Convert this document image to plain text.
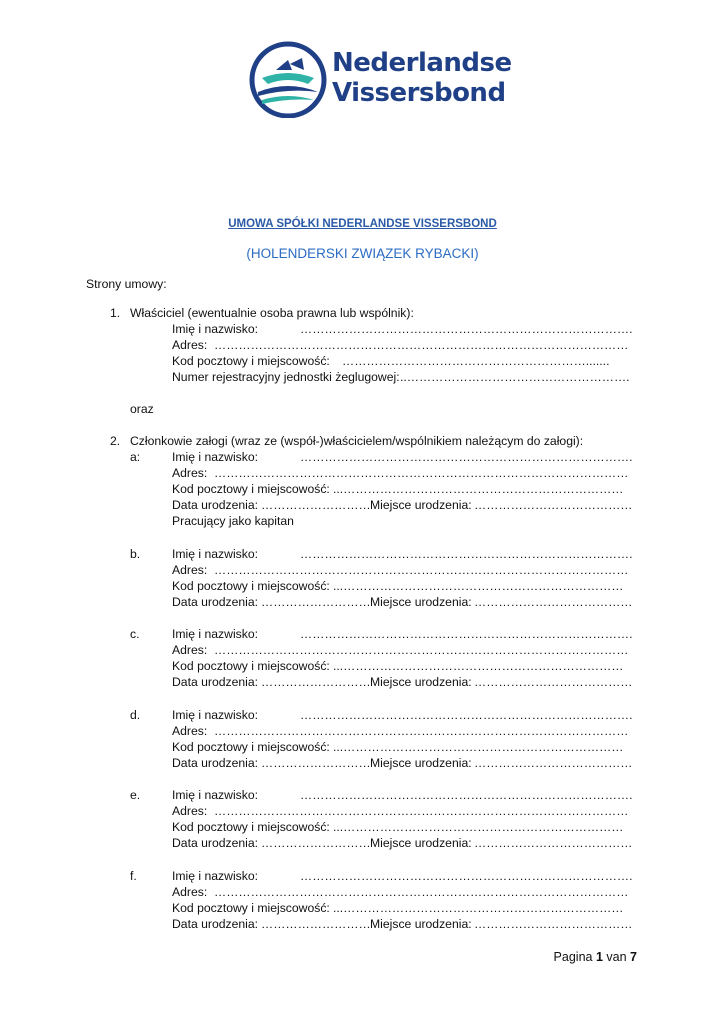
Nederlandse
Vissersbond
UMOWA SPÓŁKI NEDERLANDSE VISSERSBOND
(HOLENDERSKI ZWIĄZEK RYBACKI)
Strony umowy:
1. Właściciel (ewentualnie osoba prawna lub wspólnik):
Imię i nazwisko:	……………………………………………………………………….
Adres: …………………………………………………………………………………………
Kod pocztowy i miejscowość: …………………………………………………….......
Numer rejestracyjny jednostki żeglugowej: ..……………………………………………….
oraz
2. Członkowie załogi (wraz ze (współ-)właścicielem/wspólnikiem należącym do załogi):
a:	Imię i nazwisko:	……………………………………………………………………….
Adres: …………………………………………………………………………………………
Kod pocztowy i miejscowość: ...……………………………………………………………
Data urodzenia: ……………………… Miejsce urodzenia: …………………………………
Pracujący jako kapitan
b.	Imię i nazwisko:	……………………………………………………………………….
Adres: …………………………………………………………………………………………
Kod pocztowy i miejscowość: ...……………………………………………………………
Data urodzenia: ……………………… Miejsce urodzenia: …………………………………
c.	Imię i nazwisko:	……………………………………………………………………….
Adres: …………………………………………………………………………………………
Kod pocztowy i miejscowość: ...……………………………………………………………
Data urodzenia: ……………………… Miejsce urodzenia: …………………………………
d.	Imię i nazwisko:	……………………………………………………………………….
Adres: …………………………………………………………………………………………
Kod pocztowy i miejscowość: ...……………………………………………………………
Data urodzenia: ……………………… Miejsce urodzenia: …………………………………
e.	Imię i nazwisko:	……………………………………………………………………….
Adres: …………………………………………………………………………………………
Kod pocztowy i miejscowość: ...……………………………………………………………
Data urodzenia: ……………………… Miejsce urodzenia: …………………………………
f.	Imię i nazwisko:	……………………………………………………………………….
Adres: …………………………………………………………………………………………
Kod pocztowy i miejscowość: ...……………………………………………………………
Data urodzenia: ……………………… Miejsce urodzenia: …………………………………
Pagina 1 van 7
